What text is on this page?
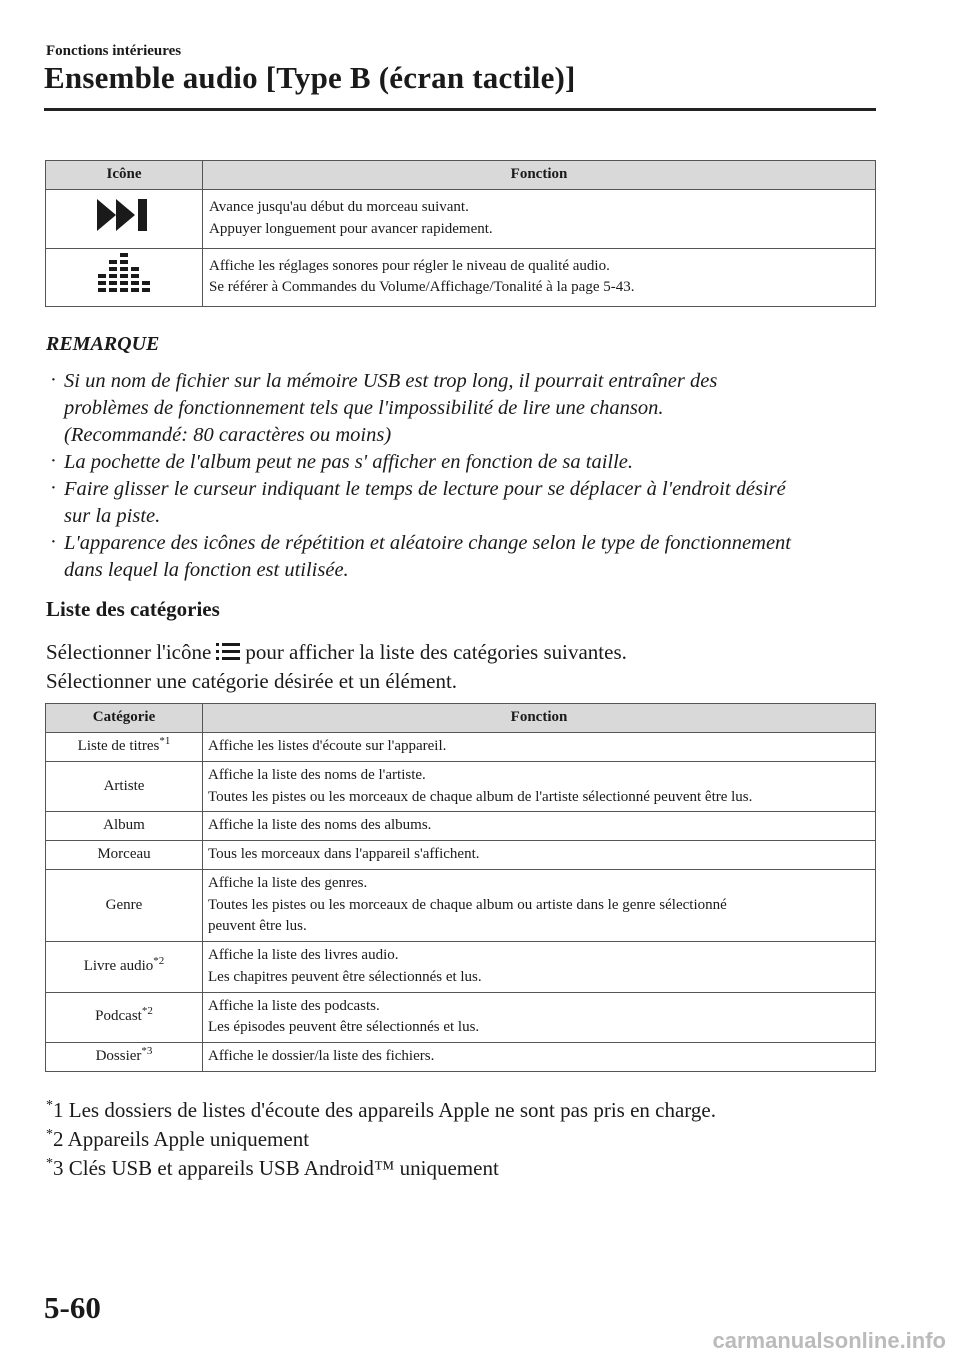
Fonctions intérieures
Ensemble audio [Type B (écran tactile)]
Icône	Fonction

Avance jusqu'au début du morceau suivant.
Appuyer longuement pour avancer rapidement.

Affiche les réglages sonores pour régler le niveau de qualité audio.
Se référer à Commandes du Volume/Affichage/Tonalité à la page 5-43.
REMARQUE
· Si un nom de fichier sur la mémoire USB est trop long, il pourrait entraîner des
problèmes de fonctionnement tels que l'impossibilité de lire une chanson.
(Recommandé: 80 caractères ou moins)
· La pochette de l'album peut ne pas s' afficher en fonction de sa taille.
· Faire glisser le curseur indiquant le temps de lecture pour se déplacer à l'endroit désiré
sur la piste.
· L'apparence des icônes de répétition et aléatoire change selon le type de fonctionnement
dans lequel la fonction est utilisée.
Liste des catégories
Sélectionner l'icône pour afficher la liste des catégories suivantes.
Sélectionner une catégorie désirée et un élément.
Catégorie	Fonction
Liste de titres$^{*1}$	Affiche les listes d'écoute sur l'appareil.

Artiste	Affiche la liste des noms de l'artiste.
Toutes les pistes ou les morceaux de chaque album de l'artiste sélectionné peuvent être lus.

Album	Affiche la liste des noms des albums.

Morceau	Tous les morceaux dans l'appareil s'affichent.

Genre	Affiche la liste des genres.
Toutes les pistes ou les morceaux de chaque album ou artiste dans le genre sélectionné
peuvent être lus.

Livre audio$^{*2}$	Affiche la liste des livres audio.
Les chapitres peuvent être sélectionnés et lus.

Podcast$^{*2}$	Affiche la liste des podcasts.
Les épisodes peuvent être sélectionnés et lus.

Dossier$^{*3}$	Affiche le dossier/la liste des fichiers.
*1 Les dossiers de listes d'écoute des appareils Apple ne sont pas pris en charge.
*2 Appareils Apple uniquement
*3 Clés USB et appareils USB Android™ uniquement
5-60
carmanualsonline.info
